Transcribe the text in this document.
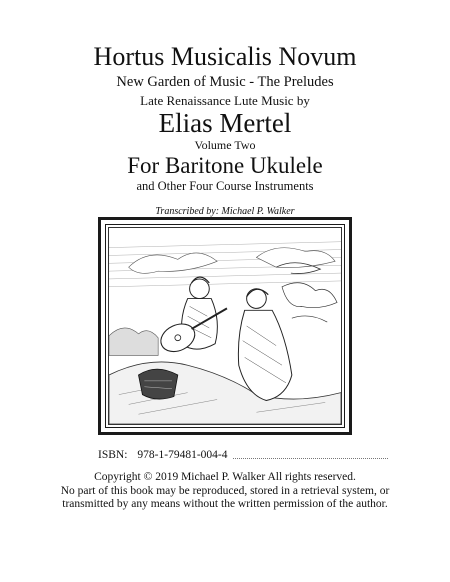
Hortus Musicalis Novum

New Garden of Music - The Preludes

Late Renaissance Lute Music by

Elias Mertel

Volume Two

For Baritone Ukulele

and Other Four Course Instruments

Transcribed by: Michael P. Walker

ISBN: 978-1-79481-004-4

Copyright © 2019 Michael P. Walker All rights reserved.

No part of this book may be reproduced, stored in a retrieval system, or

transmitted by any means without the written permission of the author.
